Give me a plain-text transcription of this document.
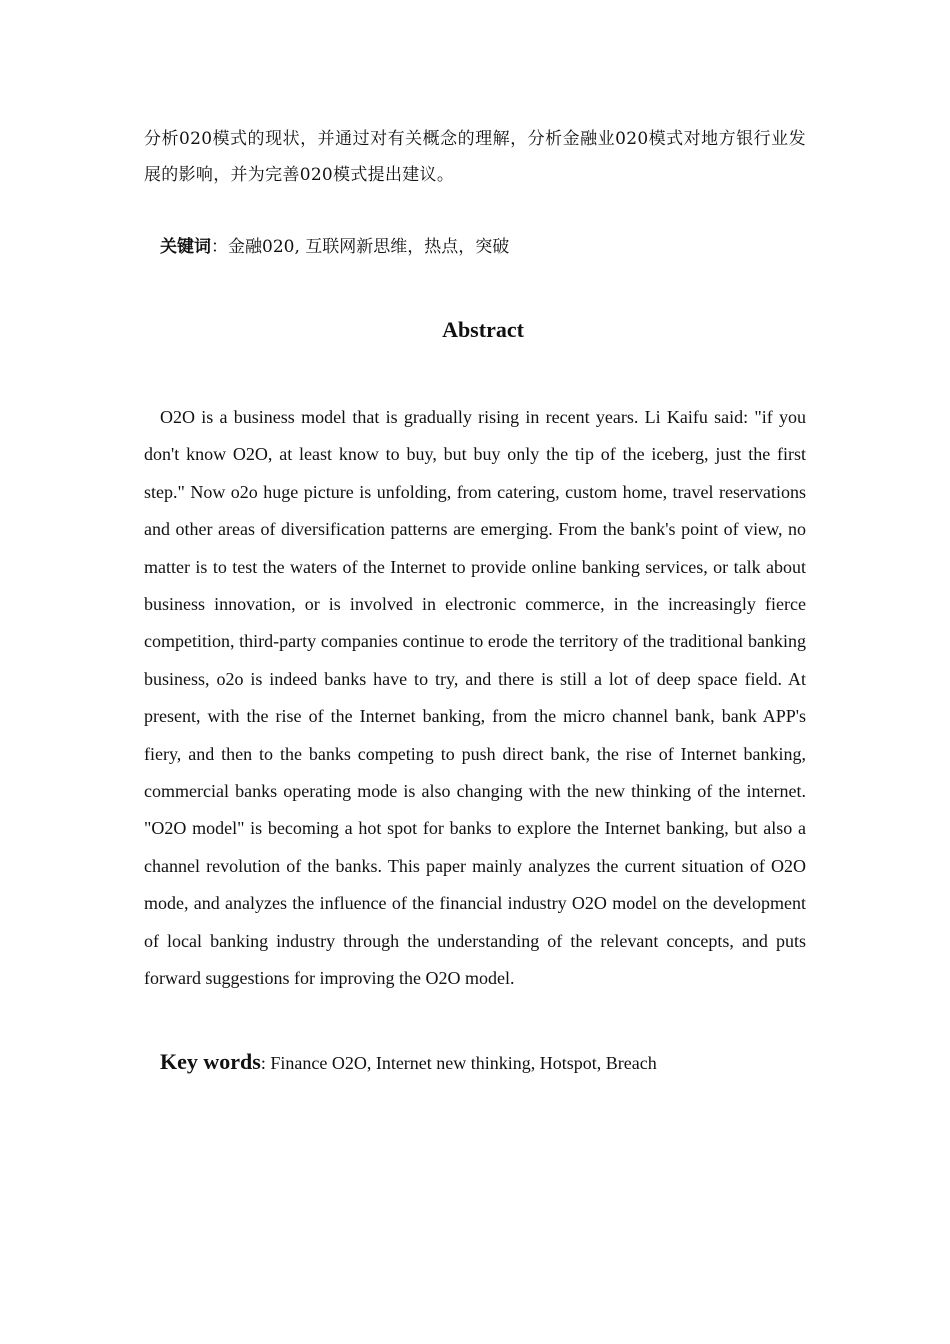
分析020模式的现状，并通过对有关概念的理解，分析金融业020模式对地方银行业发展的影响，并为完善020模式提出建议。

关键词：金融020, 互联网新思维，热点，突破

Abstract

O2O is a business model that is gradually rising in recent years. Li Kaifu said: "if you don't know O2O, at least know to buy, but buy only the tip of the iceberg, just the first step." Now o2o huge picture is unfolding, from catering, custom home, travel reservations and other areas of diversification patterns are emerging. From the bank's point of view, no matter is to test the waters of the Internet to provide online banking services, or talk about business innovation, or is involved in electronic commerce, in the increasingly fierce competition, third-party companies continue to erode the territory of the traditional banking business, o2o is indeed banks have to try, and there is still a lot of deep space field. At present, with the rise of the Internet banking, from the micro channel bank, bank APP's fiery, and then to the banks competing to push direct bank, the rise of Internet banking, commercial banks operating mode is also changing with the new thinking of the internet. "O2O model" is becoming a hot spot for banks to explore the Internet banking, but also a channel revolution of the banks. This paper mainly analyzes the current situation of O2O mode, and analyzes the influence of the financial industry O2O model on the development of local banking industry through the understanding of the relevant concepts, and puts forward suggestions for improving the O2O model.

Key words: Finance O2O, Internet new thinking, Hotspot, Breach
